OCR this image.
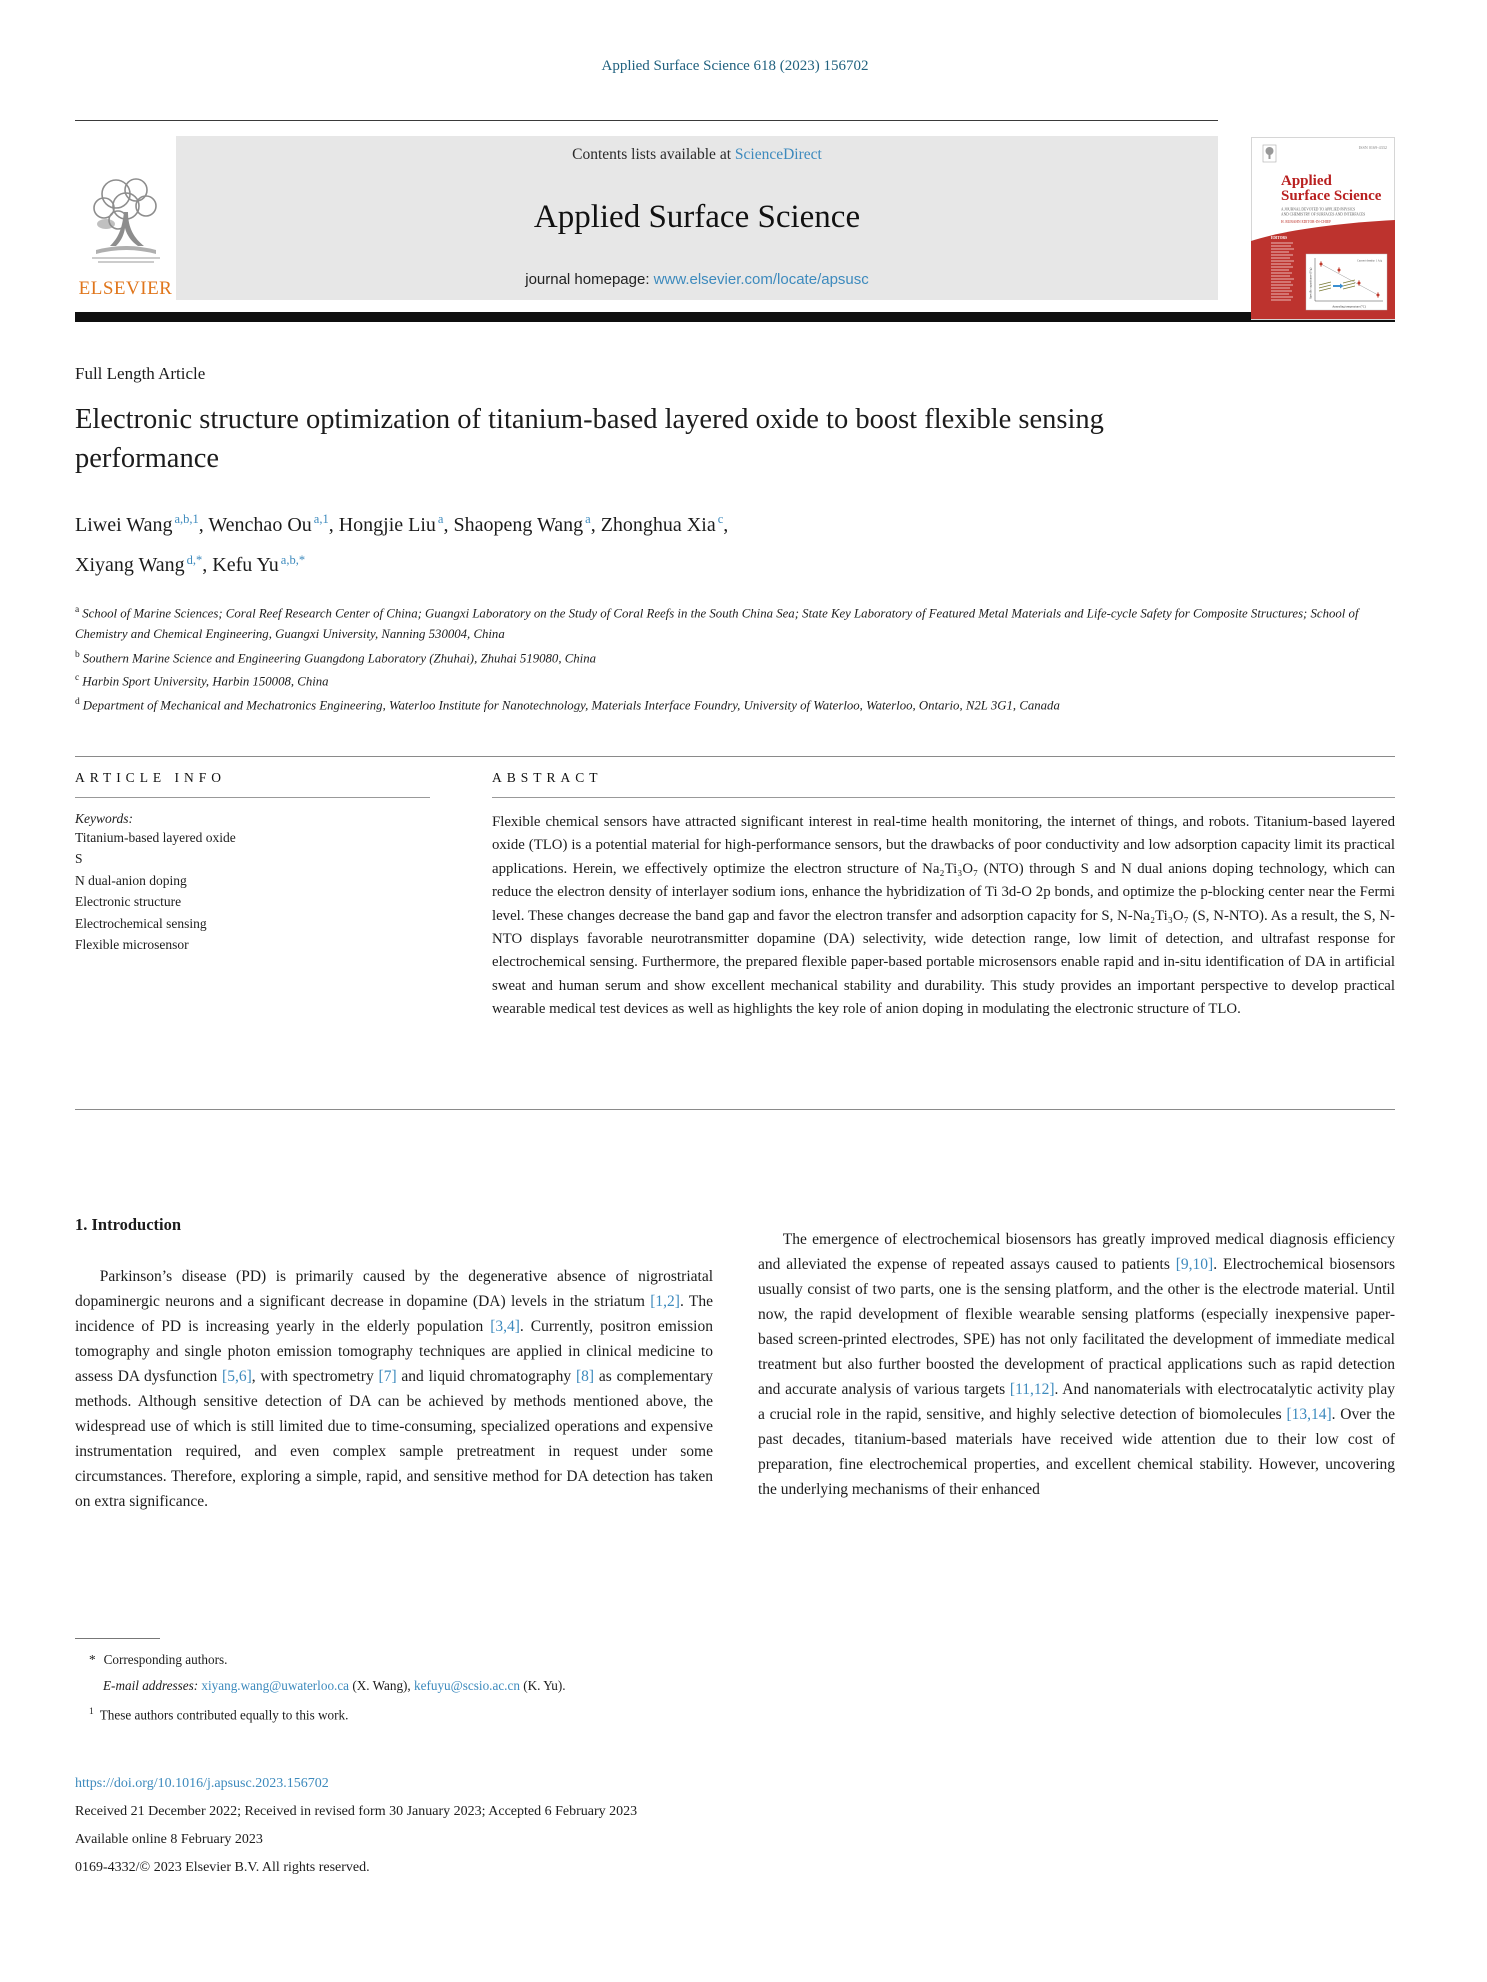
Applied Surface Science 618 (2023) 156702
ELSEVIER
Contents lists available at ScienceDirect
Applied Surface Science
journal homepage: www.elsevier.com/locate/apsusc
Full Length Article
Electronic structure optimization of titanium-based layered oxide to boost flexible sensing performance
Liwei Wang $^{a,b,1}$, Wenchao Ou $^{a,1}$, Hongjie Liu $^a$, Shaopeng Wang $^a$, Zhonghua Xia $^c$,
Xiyang Wang $^{d,*}$, Kefu Yu $^{a,b,*}$
$^a$ School of Marine Sciences; Coral Reef Research Center of China; Guangxi Laboratory on the Study of Coral Reefs in the South China Sea; State Key Laboratory of Featured Metal Materials and Life-cycle Safety for Composite Structures; School of Chemistry and Chemical Engineering, Guangxi University, Nanning 530004, China
$^b$ Southern Marine Science and Engineering Guangdong Laboratory (Zhuhai), Zhuhai 519080, China
$^c$ Harbin Sport University, Harbin 150008, China
$^d$ Department of Mechanical and Mechatronics Engineering, Waterloo Institute for Nanotechnology, Materials Interface Foundry, University of Waterloo, Waterloo, Ontario, N2L 3G1, Canada
ARTICLE INFO
Keywords:
Titanium-based layered oxide
S
N dual-anion doping
Electronic structure
Electrochemical sensing
Flexible microsensor
ABSTRACT
Flexible chemical sensors have attracted significant interest in real-time health monitoring, the internet of things, and robots. Titanium-based layered oxide (TLO) is a potential material for high-performance sensors, but the drawbacks of poor conductivity and low adsorption capacity limit its practical applications. Herein, we effectively optimize the electron structure of Na₂Ti₃O₇ (NTO) through S and N dual anions doping technology, which can reduce the electron density of interlayer sodium ions, enhance the hybridization of Ti 3d-O 2p bonds, and optimize the p-blocking center near the Fermi level. These changes decrease the band gap and favor the electron transfer and adsorption capacity for S, N-Na₂Ti₃O₇ (S, N-NTO). As a result, the S, N-NTO displays favorable neurotransmitter dopamine (DA) selectivity, wide detection range, low limit of detection, and ultrafast response for electrochemical sensing. Furthermore, the prepared flexible paper-based portable microsensors enable rapid and in-situ identification of DA in artificial sweat and human serum and show excellent mechanical stability and durability. This study provides an important perspective to develop practical wearable medical test devices as well as highlights the key role of anion doping in modulating the electronic structure of TLO.
1. Introduction
Parkinson’s disease (PD) is primarily caused by the degenerative absence of nigrostriatal dopaminergic neurons and a significant decrease in dopamine (DA) levels in the striatum [1,2]. The incidence of PD is increasing yearly in the elderly population [3,4]. Currently, positron emission tomography and single photon emission tomography techniques are applied in clinical medicine to assess DA dysfunction [5,6], with spectrometry [7] and liquid chromatography [8] as complementary methods. Although sensitive detection of DA can be achieved by methods mentioned above, the widespread use of which is still limited due to time-consuming, specialized operations and expensive instrumentation required, and even complex sample pretreatment in request under some circumstances. Therefore, exploring a simple, rapid, and sensitive method for DA detection has taken on extra significance.
The emergence of electrochemical biosensors has greatly improved medical diagnosis efficiency and alleviated the expense of repeated assays caused to patients [9,10]. Electrochemical biosensors usually consist of two parts, one is the sensing platform, and the other is the electrode material. Until now, the rapid development of flexible wearable sensing platforms (especially inexpensive paper-based screen-printed electrodes, SPE) has not only facilitated the development of immediate medical treatment but also further boosted the development of practical applications such as rapid detection and accurate analysis of various targets [11,12]. And nanomaterials with electrocatalytic activity play a crucial role in the rapid, sensitive, and highly selective detection of biomolecules [13,14]. Over the past decades, titanium-based materials have received wide attention due to their low cost of preparation, fine electrochemical properties, and excellent chemical stability. However, uncovering the underlying mechanisms of their enhanced
* Corresponding authors.
E-mail addresses: xiyang.wang@uwaterloo.ca (X. Wang), kefuyu@scsio.ac.cn (K. Yu).
$^1$ These authors contributed equally to this work.
https://doi.org/10.1016/j.apsusc.2023.156702
Received 21 December 2022; Received in revised form 30 January 2023; Accepted 6 February 2023
Available online 8 February 2023
0169-4332/© 2023 Elsevier B.V. All rights reserved.
ISSN 0169-4332
Applied
Surface Science
A JOURNAL DEVOTED TO APPLIED PHYSICS
AND CHEMISTRY OF SURFACES AND INTERFACES
H. RUBAHN EDITOR-IN-CHIEF
EDITORS
Specific capacitance (F/g)
Annealing temperature (°C)
Current density: 1 A/g
